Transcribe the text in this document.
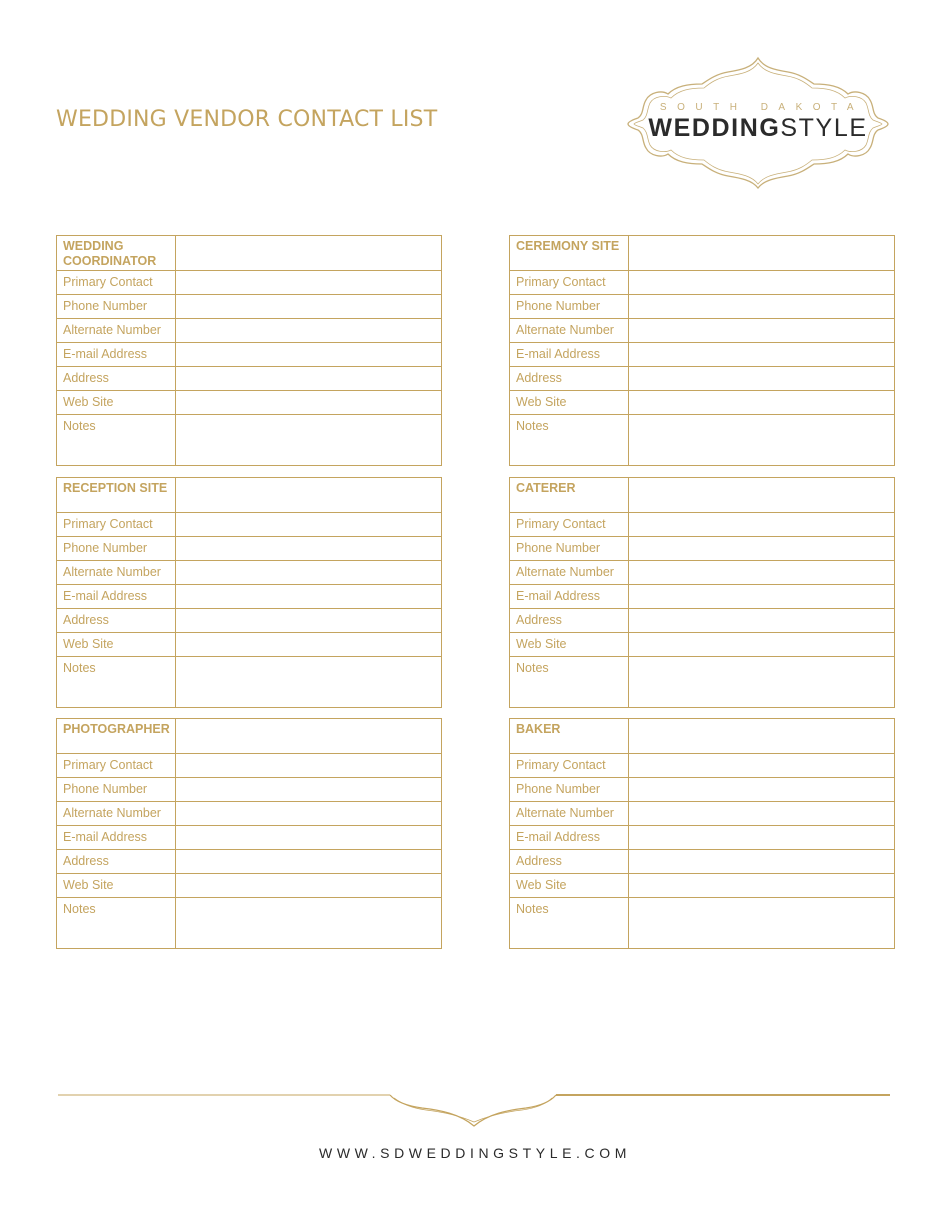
WEDDING VENDOR CONTACT LIST	SOUTH DAKOTA
WEDDINGSTYLE
WEDDING COORDINATOR	
Primary Contact	
Phone Number	
Alternate Number	
E-mail Address	
Address	
Web Site	
Notes	
CEREMONY SITE	
Primary Contact	
Phone Number	
Alternate Number	
E-mail Address	
Address	
Web Site	
Notes	
RECEPTION SITE	
Primary Contact	
Phone Number	
Alternate Number	
E-mail Address	
Address	
Web Site	
Notes	
CATERER	
Primary Contact	
Phone Number	
Alternate Number	
E-mail Address	
Address	
Web Site	
Notes	
PHOTOGRAPHER	
Primary Contact	
Phone Number	
Alternate Number	
E-mail Address	
Address	
Web Site	
Notes	
BAKER	
Primary Contact	
Phone Number	
Alternate Number	
E-mail Address	
Address	
Web Site	
Notes	
WWW.SDWEDDINGSTYLE.COM
